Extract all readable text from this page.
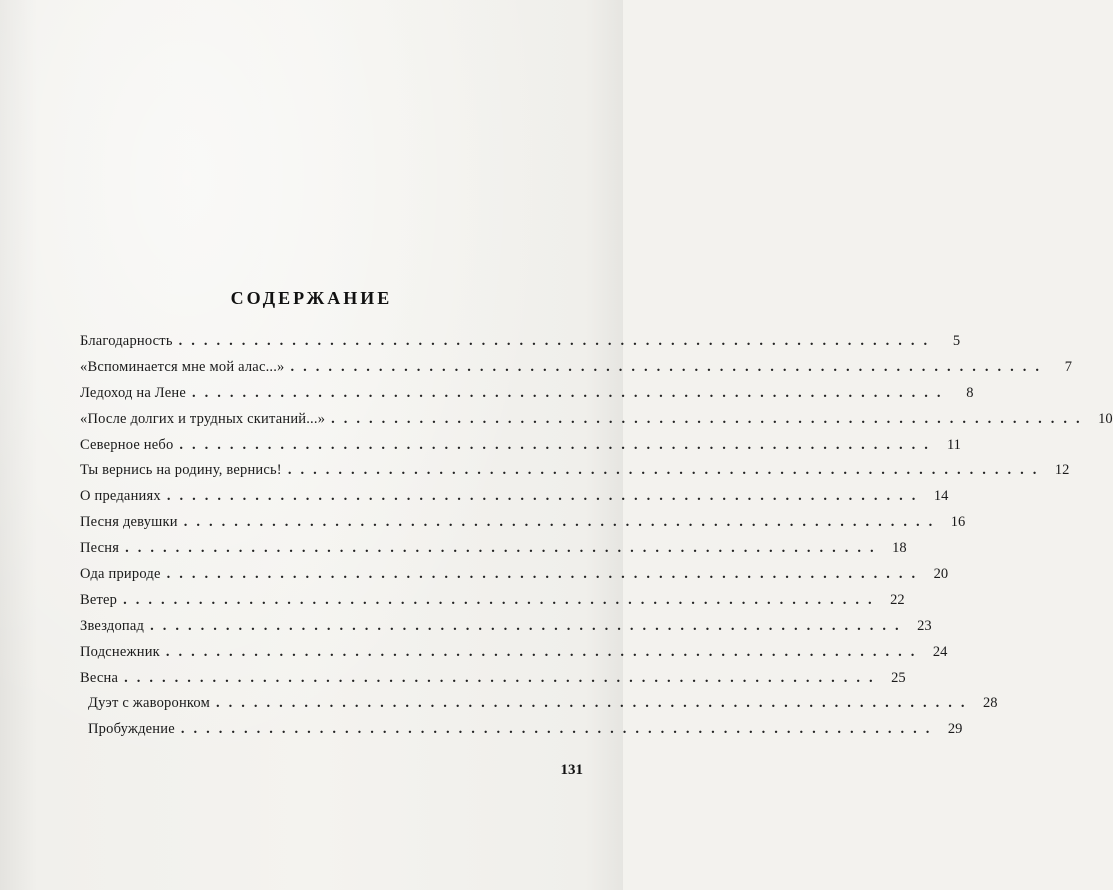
СОДЕРЖАНИЕ
Благодарность ............................................................	5
«Вспоминается мне мой алас...» ............................................................	7
Ледоход на Лене ............................................................	8
«После долгих и трудных скитаний...» ............................................................ 10
Северное небо ............................................................ 11
Ты вернись на родину, вернись! ............................................................ 12
О преданиях ............................................................ 14
Песня девушки ............................................................ 16
Песня ............................................................ 18
Ода природе ............................................................ 20
Ветер ............................................................ 22
Звездопад ............................................................ 23
Подснежник ............................................................ 24
Весна ............................................................ 25
Дуэт с жаворонком ............................................................ 28
Пробуждение ............................................................ 29
131
